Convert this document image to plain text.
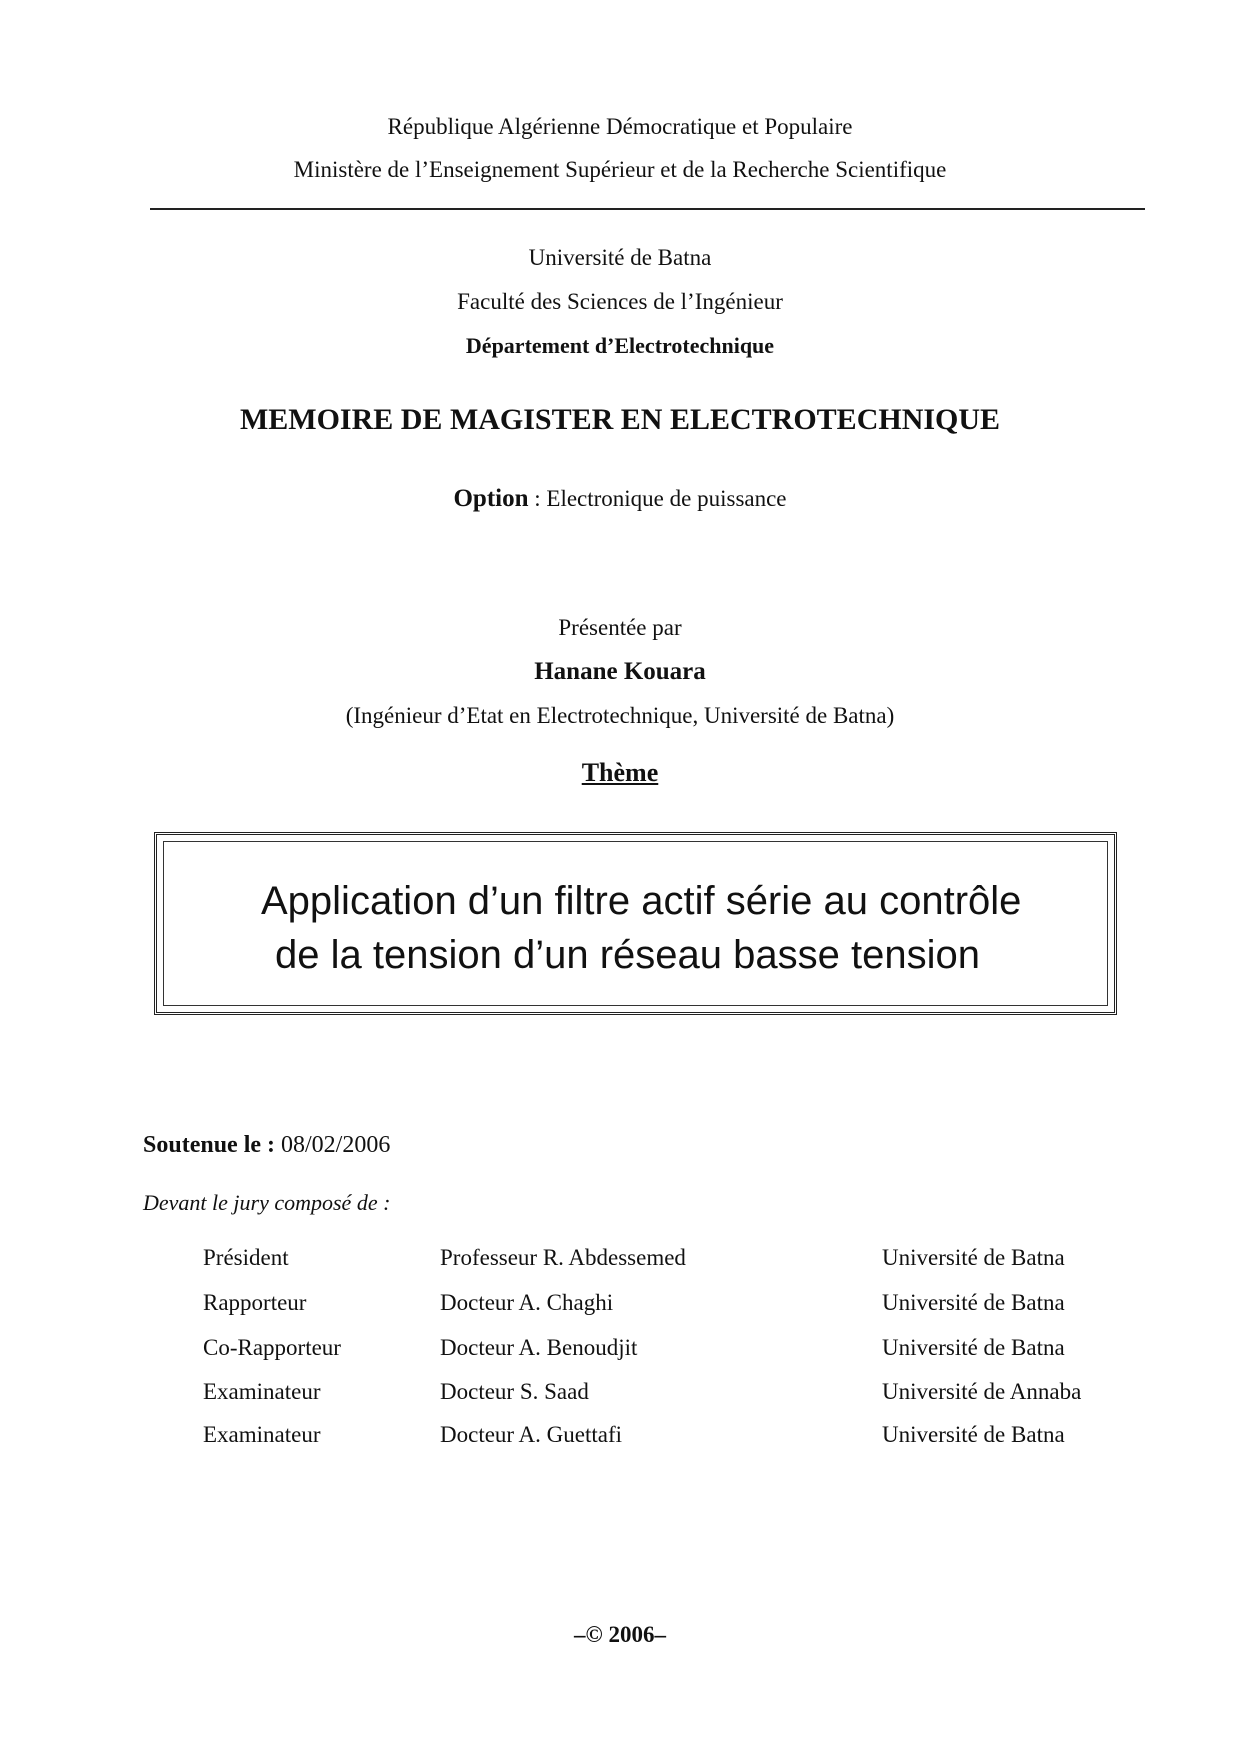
République Algérienne Démocratique et Populaire
Ministère de l’Enseignement Supérieur et de la Recherche Scientifique
Université de Batna
Faculté des Sciences de l’Ingénieur
Département d’Electrotechnique
MEMOIRE DE MAGISTER EN ELECTROTECHNIQUE
Option : Electronique de puissance
Présentée par
Hanane Kouara
(Ingénieur d’Etat en Electrotechnique, Université de Batna)
Thème
Application d’un filtre actif série au contrôle
de la tension d’un réseau basse tension
Soutenue le : 08/02/2006
Devant le jury composé de :
Président	Professeur R. Abdessemed	Université de Batna
Rapporteur	Docteur A. Chaghi	Université de Batna
Co-Rapporteur	Docteur A. Benoudjit	Université de Batna
Examinateur	Docteur S. Saad	Université de Annaba
Examinateur	Docteur A. Guettafi	Université de Batna
–© 2006–
